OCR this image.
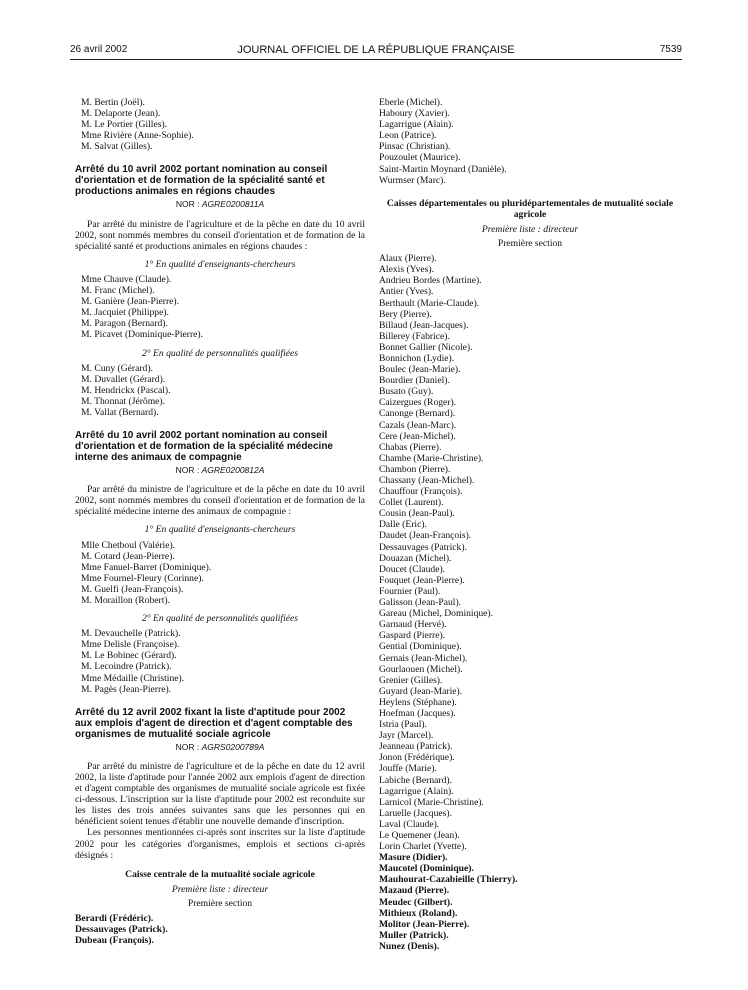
26 avril 2002	JOURNAL OFFICIEL DE LA RÉPUBLIQUE FRANÇAISE	7539
M. Bertin (Joël).
M. Delaporte (Jean).
M. Le Portier (Gilles).
Mme Rivière (Anne-Sophie).
M. Salvat (Gilles).

Arrêté du 10 avril 2002 portant nomination au conseil d'orientation et de formation de la spécialité santé et productions animales en régions chaudes

NOR : AGRE0200811A

Par arrêté du ministre de l'agriculture et de la pêche en date du 10 avril 2002, sont nommés membres du conseil d'orientation et de formation de la spécialité santé et productions animales en régions chaudes :

1° En qualité d'enseignants-chercheurs
Mme Chauve (Claude).
M. Franc (Michel).
M. Ganière (Jean-Pierre).
M. Jacquiet (Philippe).
M. Paragon (Bernard).
M. Picavet (Dominique-Pierre).
2° En qualité de personnalités qualifiées
M. Cuny (Gérard).
M. Duvallet (Gérard).
M. Hendrickx (Pascal).
M. Thonnat (Jérôme).
M. Vallat (Bernard).

Arrêté du 10 avril 2002 portant nomination au conseil d'orientation et de formation de la spécialité médecine interne des animaux de compagnie

NOR : AGRE0200812A

Par arrêté du ministre de l'agriculture et de la pêche en date du 10 avril 2002, sont nommés membres du conseil d'orientation et de formation de la spécialité médecine interne des animaux de compagnie :

1° En qualité d'enseignants-chercheurs
Mlle Chetboul (Valérie).
M. Cotard (Jean-Pierre).
Mme Fanuel-Barret (Dominique).
Mme Fournel-Fleury (Corinne).
M. Guelfi (Jean-François).
M. Moraillon (Robert).
2° En qualité de personnalités qualifiées
M. Devauchelle (Patrick).
Mme Delisle (Françoise).
M. Le Bobinec (Gérard).
M. Lecoindre (Patrick).
Mme Médaille (Christine).
M. Pagès (Jean-Pierre).

Arrêté du 12 avril 2002 fixant la liste d'aptitude pour 2002 aux emplois d'agent de direction et d'agent comptable des organismes de mutualité sociale agricole

NOR : AGRS0200789A

Par arrêté du ministre de l'agriculture et de la pêche en date du 12 avril 2002, la liste d'aptitude pour l'année 2002 aux emplois d'agent de direction et d'agent comptable des organismes de mutualité sociale agricole est fixée ci-dessous. L'inscription sur la liste d'aptitude pour 2002 est reconduite sur les listes des trois années suivantes sans que les personnes qui en bénéficient soient tenues d'établir une nouvelle demande d'inscription.

Les personnes mentionnées ci-après sont inscrites sur la liste d'aptitude 2002 pour les catégories d'organismes, emplois et sections ci-après désignés :

Caisse centrale de la mutualité sociale agricole
Première liste : directeur
Première section
Berardi (Frédéric).
Dessauvages (Patrick).
Dubeau (François).
Eberle (Michel).
Haboury (Xavier).
Lagarrigue (Alain).
Leon (Patrice).
Pinsac (Christian).
Pouzoulet (Maurice).
Saint-Martin Moynard (Danièle).
Wurmser (Marc).
Caisses départementales ou pluridépartementales de mutualité sociale agricole
Première liste : directeur
Première section
Alaux (Pierre).
Alexis (Yves).
Andrieu Bordes (Martine).
Antier (Yves).
Berthault (Marie-Claude).
Bery (Pierre).
Billaud (Jean-Jacques).
Billerey (Fabrice).
Bonnet Gallier (Nicole).
Bonnichon (Lydie).
Boulec (Jean-Marie).
Bourdier (Daniel).
Busato (Guy).
Caizergues (Roger).
Canonge (Bernard).
Cazals (Jean-Marc).
Cere (Jean-Michel).
Chabas (Pierre).
Chambe (Marie-Christine).
Chambon (Pierre).
Chassany (Jean-Michel).
Chauffour (François).
Collet (Laurent).
Cousin (Jean-Paul).
Dalle (Eric).
Daudet (Jean-François).
Dessauvages (Patrick).
Douazan (Michel).
Doucet (Claude).
Fouquet (Jean-Pierre).
Fournier (Paul).
Galisson (Jean-Paul).
Gareau (Michel, Dominique).
Garnaud (Hervé).
Gaspard (Pierre).
Gential (Dominique).
Gernais (Jean-Michel).
Gourlaouen (Michel).
Grenier (Gilles).
Guyard (Jean-Marie).
Heylens (Stéphane).
Hoefman (Jacques).
Istria (Paul).
Jayr (Marcel).
Jeanneau (Patrick).
Jonon (Frédérique).
Jouffe (Marie).
Labiche (Bernard).
Lagarrigue (Alain).
Larnicol (Marie-Christine).
Laruelle (Jacques).
Laval (Claude).
Le Quemener (Jean).
Lorin Charlet (Yvette).
Masure (Didier).
Maucotel (Dominique).
Mauhourat-Cazabieille (Thierry).
Mazaud (Pierre).
Meudec (Gilbert).
Mithieux (Roland).
Molitor (Jean-Pierre).
Muller (Patrick).
Nunez (Denis).
